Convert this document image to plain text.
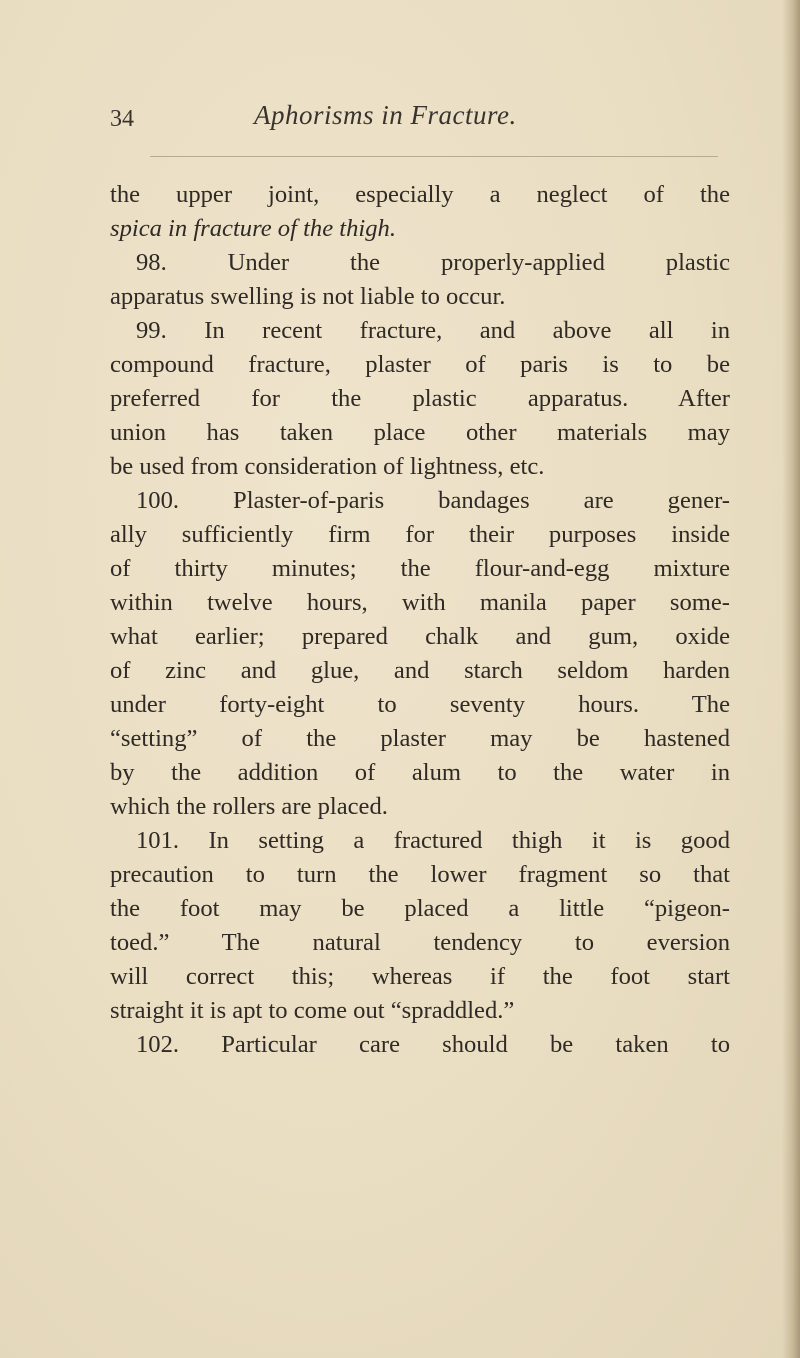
34	Aphorisms in Fracture.
the upper joint, especially a neglect of the
spica in fracture of the thigh.
98. Under the properly-applied plastic
apparatus swelling is not liable to occur.
99. In recent fracture, and above all in
compound fracture, plaster of paris is to be
preferred for the plastic apparatus. After
union has taken place other materials may
be used from consideration of lightness, etc.
100. Plaster-of-paris bandages are gener-
ally sufficiently firm for their purposes inside
of thirty minutes; the flour-and-egg mixture
within twelve hours, with manila paper some-
what earlier; prepared chalk and gum, oxide
of zinc and glue, and starch seldom harden
under forty-eight to seventy hours. The
“setting” of the plaster may be hastened
by the addition of alum to the water in
which the rollers are placed.
101. In setting a fractured thigh it is good
precaution to turn the lower fragment so that
the foot may be placed a little “pigeon-
toed.” The natural tendency to eversion
will correct this; whereas if the foot start
straight it is apt to come out “spraddled.”
102. Particular care should be taken to
